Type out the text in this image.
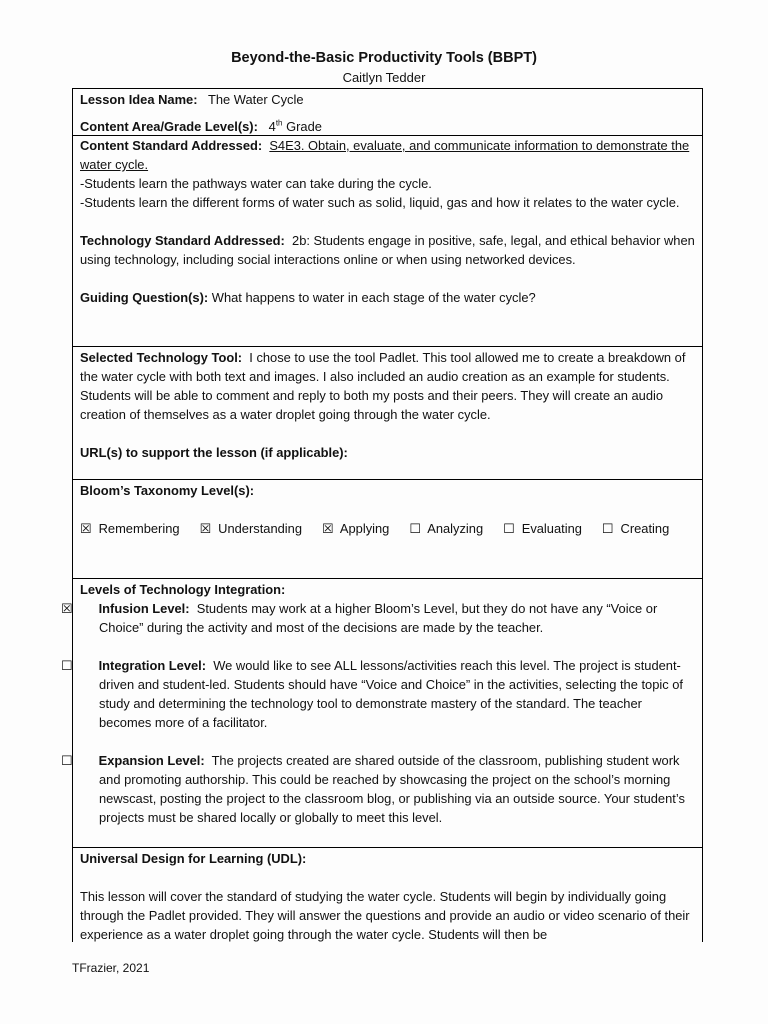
Beyond-the-Basic Productivity Tools (BBPT)
Caitlyn Tedder

Lesson Idea Name: The Water Cycle

Content Area/Grade Level(s): 4th Grade

Content Standard Addressed: S4E3. Obtain, evaluate, and communicate information to demonstrate the water cycle.

-Students learn the pathways water can take during the cycle.

-Students learn the different forms of water such as solid, liquid, gas and how it relates to the water cycle.

Technology Standard Addressed: 2b: Students engage in positive, safe, legal, and ethical behavior when using technology, including social interactions online or when using networked devices.

Guiding Question(s): What happens to water in each stage of the water cycle?

Selected Technology Tool: I chose to use the tool Padlet. This tool allowed me to create a breakdown of the water cycle with both text and images. I also included an audio creation as an example for students. Students will be able to comment and reply to both my posts and their peers. They will create an audio creation of themselves as a water droplet going through the water cycle.

URL(s) to support the lesson (if applicable):

Bloom’s Taxonomy Level(s):

☒ Remembering ☒ Understanding ☒ Applying ☐ Analyzing ☐ Evaluating ☐ Creating

Levels of Technology Integration:

☒ Infusion Level: Students may work at a higher Bloom’s Level, but they do not have any “Voice or Choice” during the activity and most of the decisions are made by the teacher.

☐ Integration Level: We would like to see ALL lessons/activities reach this level. The project is student-driven and student-led. Students should have “Voice and Choice” in the activities, selecting the topic of study and determining the technology tool to demonstrate mastery of the standard. The teacher becomes more of a facilitator.

☐ Expansion Level: The projects created are shared outside of the classroom, publishing student work and promoting authorship. This could be reached by showcasing the project on the school’s morning newscast, posting the project to the classroom blog, or publishing via an outside source. Your student’s projects must be shared locally or globally to meet this level.

Universal Design for Learning (UDL):

This lesson will cover the standard of studying the water cycle. Students will begin by individually going through the Padlet provided. They will answer the questions and provide an audio or video scenario of their experience as a water droplet going through the water cycle. Students will then be

TFrazier, 2021
